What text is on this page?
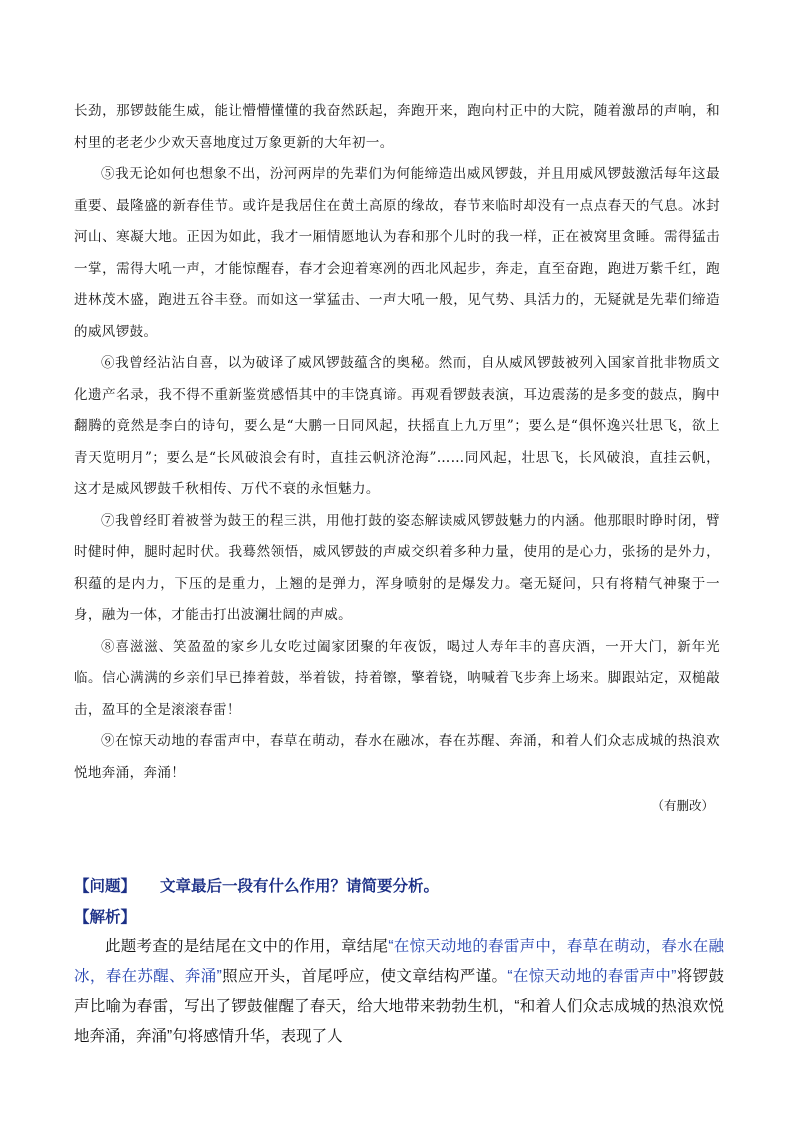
长劲，那锣鼓能生威，能让懵懵懂懂的我奋然跃起，奔跑开来，跑向村正中的大院，随着激昂的声响，和村里的老老少少欢天喜地度过万象更新的大年初一。

⑤我无论如何也想象不出，汾河两岸的先辈们为何能缔造出威风锣鼓，并且用威风锣鼓激活每年这最重要、最隆盛的新春佳节。或许是我居住在黄土高原的缘故，春节来临时却没有一点点春天的气息。冰封河山、寒凝大地。正因为如此，我才一厢情愿地认为春和那个儿时的我一样，正在被窝里贪睡。需得猛击一掌，需得大吼一声，才能惊醒春，春才会迎着寒冽的西北风起步，奔走，直至奋跑，跑进万紫千红，跑进林茂木盛，跑进五谷丰登。而如这一掌猛击、一声大吼一般，见气势、具活力的，无疑就是先辈们缔造的威风锣鼓。

⑥我曾经沾沾自喜，以为破译了威风锣鼓蕴含的奥秘。然而，自从威风锣鼓被列入国家首批非物质文化遗产名录，我不得不重新鉴赏感悟其中的丰饶真谛。再观看锣鼓表演，耳边震荡的是多变的鼓点，胸中翻腾的竟然是李白的诗句，要么是“大鹏一日同风起，扶摇直上九万里”；要么是“俱怀逸兴壮思飞，欲上青天览明月”；要么是“长风破浪会有时，直挂云帆济沧海”……同风起，壮思飞，长风破浪，直挂云帆，这才是威风锣鼓千秋相传、万代不衰的永恒魅力。

⑦我曾经盯着被誉为鼓王的程三洪，用他打鼓的姿态解读威风锣鼓魅力的内涵。他那眼时睁时闭，臂时健时伸，腿时起时伏。我蓦然领悟，威风锣鼓的声威交织着多种力量，使用的是心力，张扬的是外力，积蕴的是内力，下压的是重力，上翘的是弹力，浑身喷射的是爆发力。毫无疑问，只有将精气神聚于一身，融为一体，才能击打出波澜壮阔的声威。

⑧喜滋滋、笑盈盈的家乡儿女吃过阖家团聚的年夜饭，喝过人寿年丰的喜庆酒，一开大门，新年光临。信心满满的乡亲们早已捧着鼓，举着钹，持着镲，擎着铙，呐喊着飞步奔上场来。脚跟站定，双槌敲击，盈耳的全是滚滚春雷！

⑨在惊天动地的春雷声中，春草在萌动，春水在融冰，春在苏醒、奔涌，和着人们众志成城的热浪欢悦地奔涌，奔涌！

（有删改）
【问题】	文章最后一段有什么作用？请简要分析。
【解析】
此题考查的是结尾在文中的作用，章结尾“在惊天动地的春雷声中，春草在萌动，春水在融冰，春在苏醒、奔涌”照应开头，首尾呼应，使文章结构严谨。“在惊天动地的春雷声中”将锣鼓声比喻为春雷，写出了锣鼓催醒了春天，给大地带来勃勃生机，“和着人们众志成城的热浪欢悦地奔涌，奔涌”句将感情升华，表现了人
